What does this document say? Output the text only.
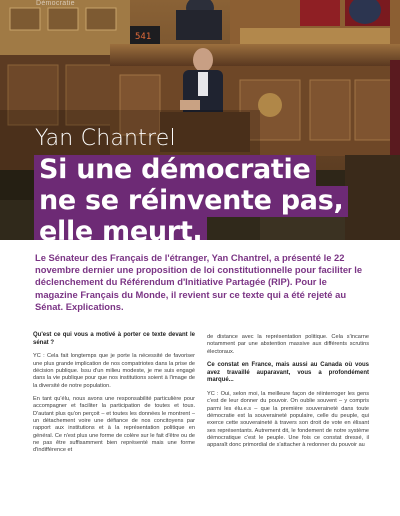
541
Démocratie
Yan Chantrel
Si une démocratie
ne se réinvente pas,
elle meurt.
Le Sénateur des Français de l'étranger, Yan Chantrel, a présenté le 22 novembre dernier une proposition de loi constitutionnelle pour faciliter le déclenchement du Référendum d'Initiative Partagée (RIP). Pour le magazine Français du Monde, il revient sur ce texte qui a été rejeté au Sénat. Explications.

Qu'est ce qui vous a motivé à porter ce texte devant le sénat ?

YC : Cela fait longtemps que je porte la nécessité de favoriser une plus grande implication de nos compatriotes dans la prise de décision publique. Issu d'un milieu modeste, je me suis engagé dans la vie publique pour que nos institutions soient à l'image de la diversité de notre population.

En tant qu'élu, nous avons une responsabilité particulière pour accompagner et faciliter la participation de toutes et tous. D'autant plus qu'on perçoit – et toutes les données le montrent – un détachement voire une défiance de nos concitoyens par rapport aux institutions et à la représentation politique en général. Ce n'est plus une forme de colère sur le fait d'être ou de ne pas être suffisamment bien représenté mais une forme d'indifférence et

de distance avec la représentation politique. Cela s'incarne notamment par une abstention massive aux différents scrutins électoraux.

Ce constat en France, mais aussi au Canada où vous avez travaillé auparavant, vous a profondément marqué...

YC : Oui, selon moi, la meilleure façon de réinterroger les gens c'est de leur donner du pouvoir. On oublie souvent – y compris parmi les élu.e.s – que la première souveraineté dans toute démocratie est la souveraineté populaire, celle du peuple, qui exerce cette souveraineté à travers son droit de vote en élisant ses représentants. Autrement dit, le fondement de notre système démocratique c'est le peuple. Une fois ce constat dressé, il apparaît donc primordial de s'attacher à redonner du pouvoir au
